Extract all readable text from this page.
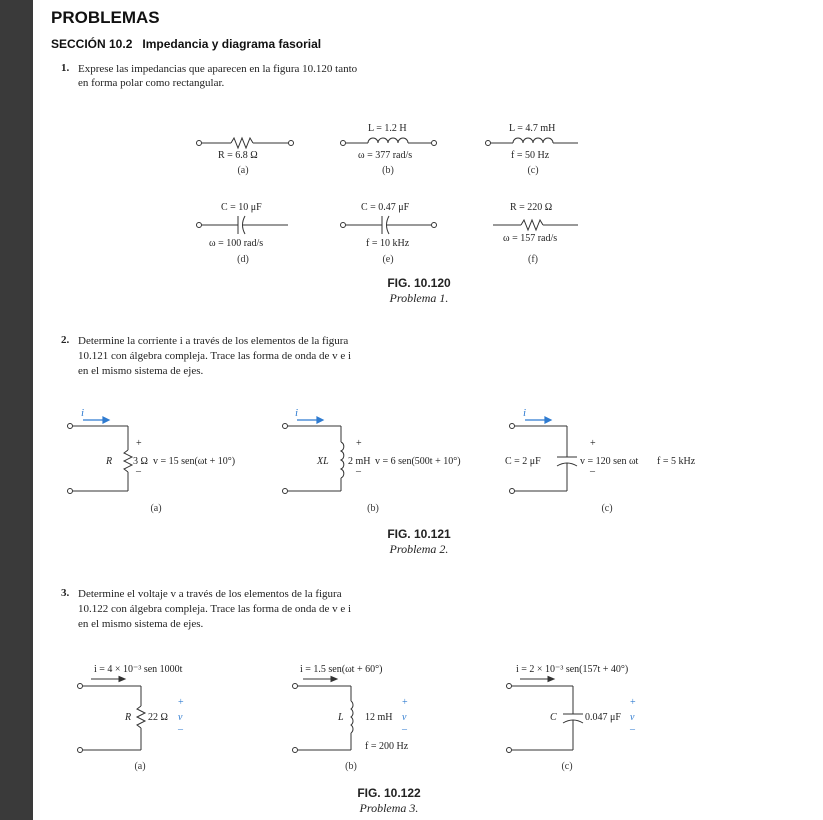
PROBLEMAS
SECCIÓN 10.2 Impedancia y diagrama fasorial
1. Exprese las impedancias que aparecen en la figura 10.120 tanto
en forma polar como rectangular.
R = 6.8 Ω
(a)
L = 1.2 H
ω = 377 rad/s
(b)
L = 4.7 mH
f = 50 Hz
(c)
C = 10 μF
ω = 100 rad/s
(d)
C = 0.47 μF
f = 10 kHz
(e)
R = 220 Ω
ω = 157 rad/s
(f)
FIG. 10.120
Problema 1.
2. Determine la corriente i a través de los elementos de la figura
10.121 con álgebra compleja. Trace las forma de onda de v e i
en el mismo sistema de ejes.
i	i	i
+
R 3 Ω v = 15 sen(ωt + 10°)
–
(a)
+
XL 2 mH v = 6 sen(500t + 10°)
–
(b)
+
C = 2 μF	v = 120 sen ωt f = 5 kHz
–
(c)
FIG. 10.121
Problema 2.
3. Determine el voltaje v a través de los elementos de la figura
10.122 con álgebra compleja. Trace las forma de onda de v e i
en el mismo sistema de ejes.
i = 4 × 10⁻³ sen 1000t
+
R 22 Ω v
–
(a)
i = 1.5 sen(ωt + 60°)
+
L 12 mH v
–
f = 200 Hz
(b)
i = 2 × 10⁻³ sen(157t + 40°)
+
C	0.047 μF v
–
(c)
FIG. 10.122
Problema 3.
